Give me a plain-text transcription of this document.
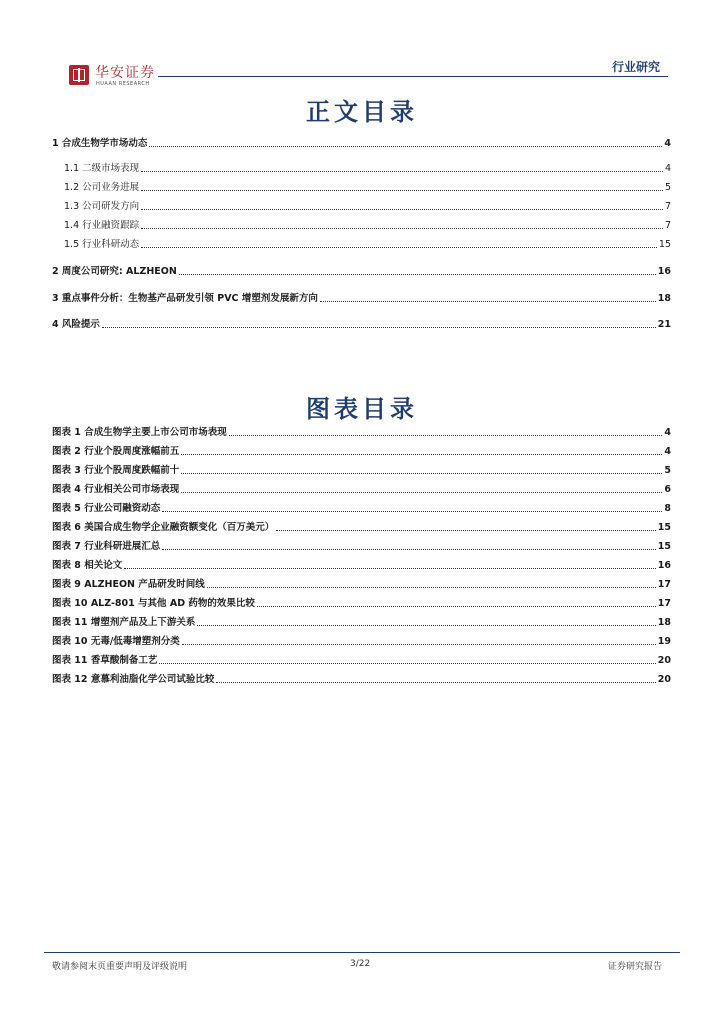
华安证券
HUAAN RESEARCH
行业研究
正文目录
1 合成生物学市场动态	4
1.1 二级市场表现	4
1.2 公司业务进展	5
1.3 公司研发方向	7
1.4 行业融资跟踪	7
1.5 行业科研动态	15
2 周度公司研究: ALZHEON	16
3 重点事件分析：生物基产品研发引领 PVC 增塑剂发展新方向	18
4 风险提示	21
图表目录
图表 1 合成生物学主要上市公司市场表现	4
图表 2 行业个股周度涨幅前五	4
图表 3 行业个股周度跌幅前十	5
图表 4 行业相关公司市场表现	6
图表 5 行业公司融资动态	8
图表 6 美国合成生物学企业融资额变化（百万美元）	15
图表 7 行业科研进展汇总	15
图表 8 相关论文	16
图表 9 ALZHEON 产品研发时间线	17
图表 10 ALZ-801 与其他 AD 药物的效果比较	17
图表 11 增塑剂产品及上下游关系	18
图表 10 无毒/低毒增塑剂分类	19
图表 11 香草酸制备工艺	20
图表 12 意慕利油脂化学公司试验比较	20
敬请参阅末页重要声明及评级说明	3/22	证券研究报告
